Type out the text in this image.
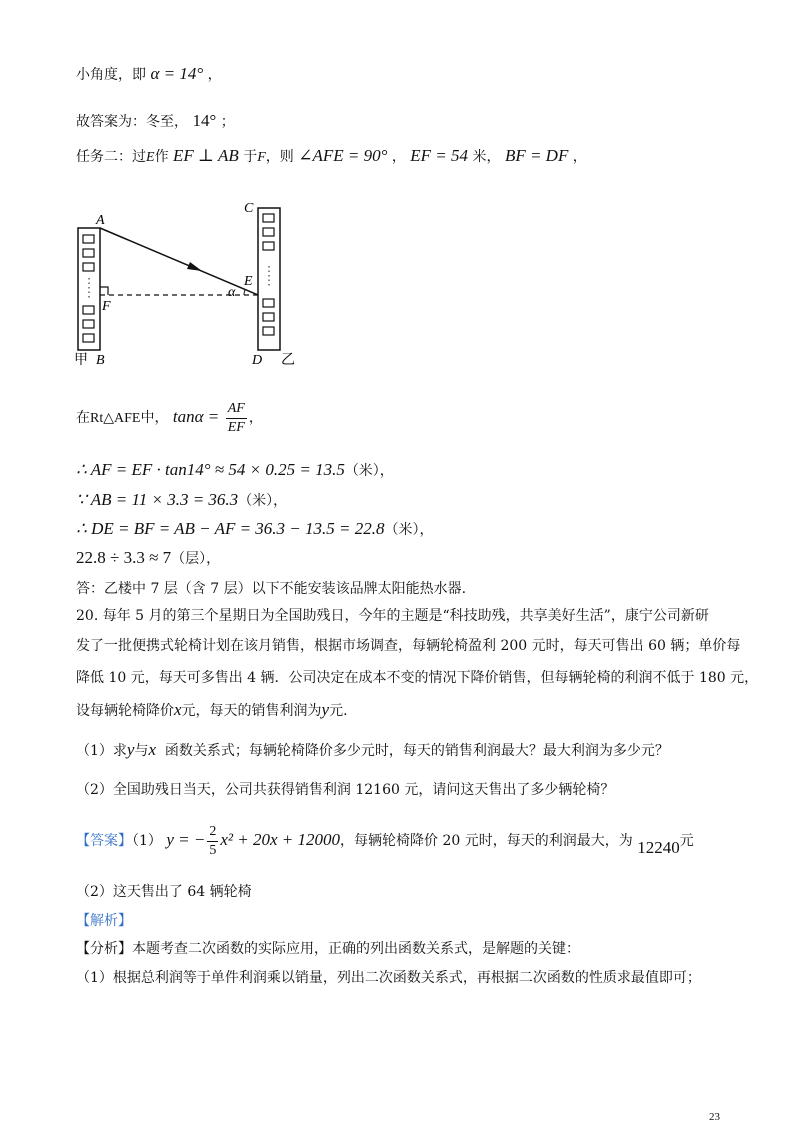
小角度，即 α = 14° ，
故答案为：冬至， 14° ；
任务二：过E作 EF ⊥ AB 于F，则 ∠AFE = 90° ， EF = 54 米， BF = DF ，
A
F
B
C
E
α
D
甲	乙
在Rt△AFE中， $\tan\alpha = \frac{AF}{EF}$ ，
∴ AF = EF · tan14° ≈ 54 × 0.25 = 13.5（米），
∵ AB = 11 × 3.3 = 36.3（米），
∴ DE = BF = AB − AF = 36.3 − 13.5 = 22.8（米），
22.8 ÷ 3.3 ≈ 7（层），
答：乙楼中 7 层（含 7 层）以下不能安装该品牌太阳能热水器.
20. 每年 5 月的第三个星期日为全国助残日，今年的主题是“科技助残，共享美好生活”，康宁公司新研
发了一批便携式轮椅计划在该月销售，根据市场调查，每辆轮椅盈利 200 元时，每天可售出 60 辆；单价每
降低 10 元，每天可多售出 4 辆．公司决定在成本不变的情况下降价销售，但每辆轮椅的利润不低于 180 元，
设每辆轮椅降价x元，每天的销售利润为y元.
（1）求y与x 函数关系式；每辆轮椅降价多少元时，每天的销售利润最大？最大利润为多少元？
（2）全国助残日当天，公司共获得销售利润 12160 元，请问这天售出了多少辆轮椅？
【答案】（1） y = − $\frac{2}{5} x^2 + 20x + 12000$，每辆轮椅降价 20 元时，每天的利润最大，为 12240元
（2）这天售出了 64 辆轮椅
【解析】
【分析】本题考查二次函数的实际应用，正确的列出函数关系式，是解题的关键：
（1）根据总利润等于单件利润乘以销量，列出二次函数关系式，再根据二次函数的性质求最值即可；
23
